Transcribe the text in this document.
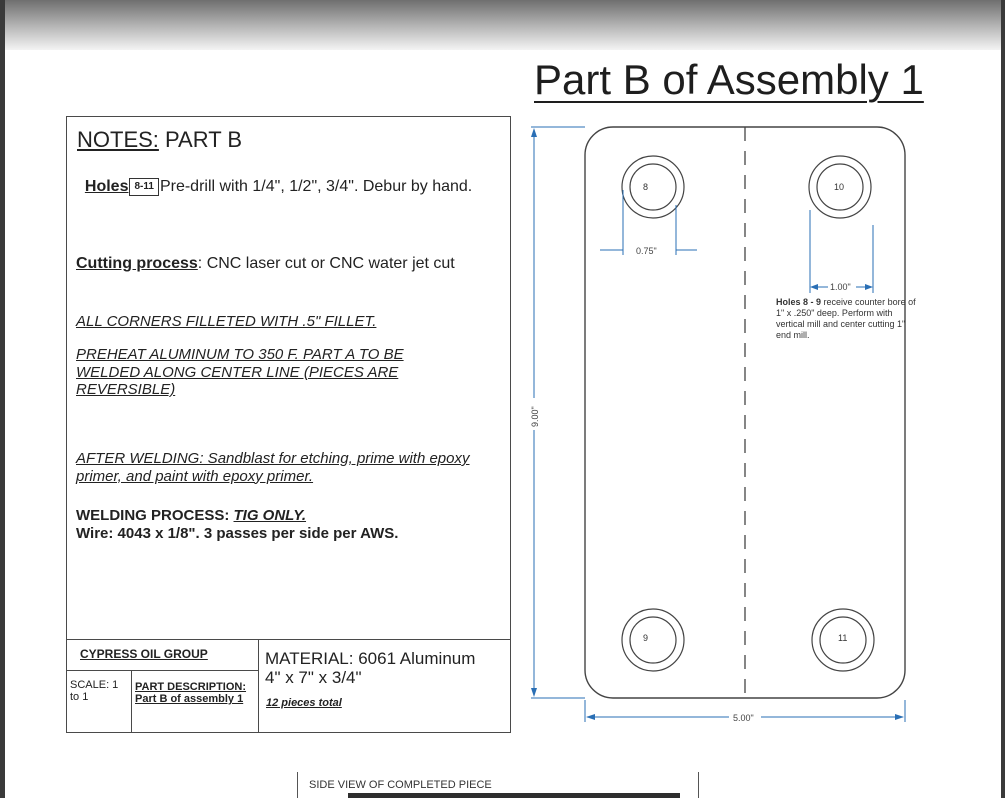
Part B of Assembly 1
NOTES: PART B
Holes 8-11 Pre-drill with 1/4", 1/2", 3/4". Debur by hand.
Cutting process: CNC laser cut or CNC water jet cut
ALL CORNERS FILLETED WITH .5" FILLET.
PREHEAT ALUMINUM TO 350 F. PART A TO BE WELDED ALONG CENTER LINE (PIECES ARE REVERSIBLE)
AFTER WELDING: Sandblast for etching, prime with epoxy primer, and paint with epoxy primer.
WELDING PROCESS: TIG ONLY.
Wire: 4043 x 1/8". 3 passes per side per AWS.
CYPRESS OIL GROUP
SCALE: 1 to 1
PART DESCRIPTION:
Part B of assembly 1
MATERIAL: 6061 Aluminum
4" x 7" x 3/4"
12 pieces total
8	10
9	11
0.75"
1.00"
Holes 8 - 9 receive counter bore of 1" x .250" deep. Perform with vertical mill and center cutting 1" end mill.
9.00"
5.00"
SIDE VIEW OF COMPLETED PIECE
